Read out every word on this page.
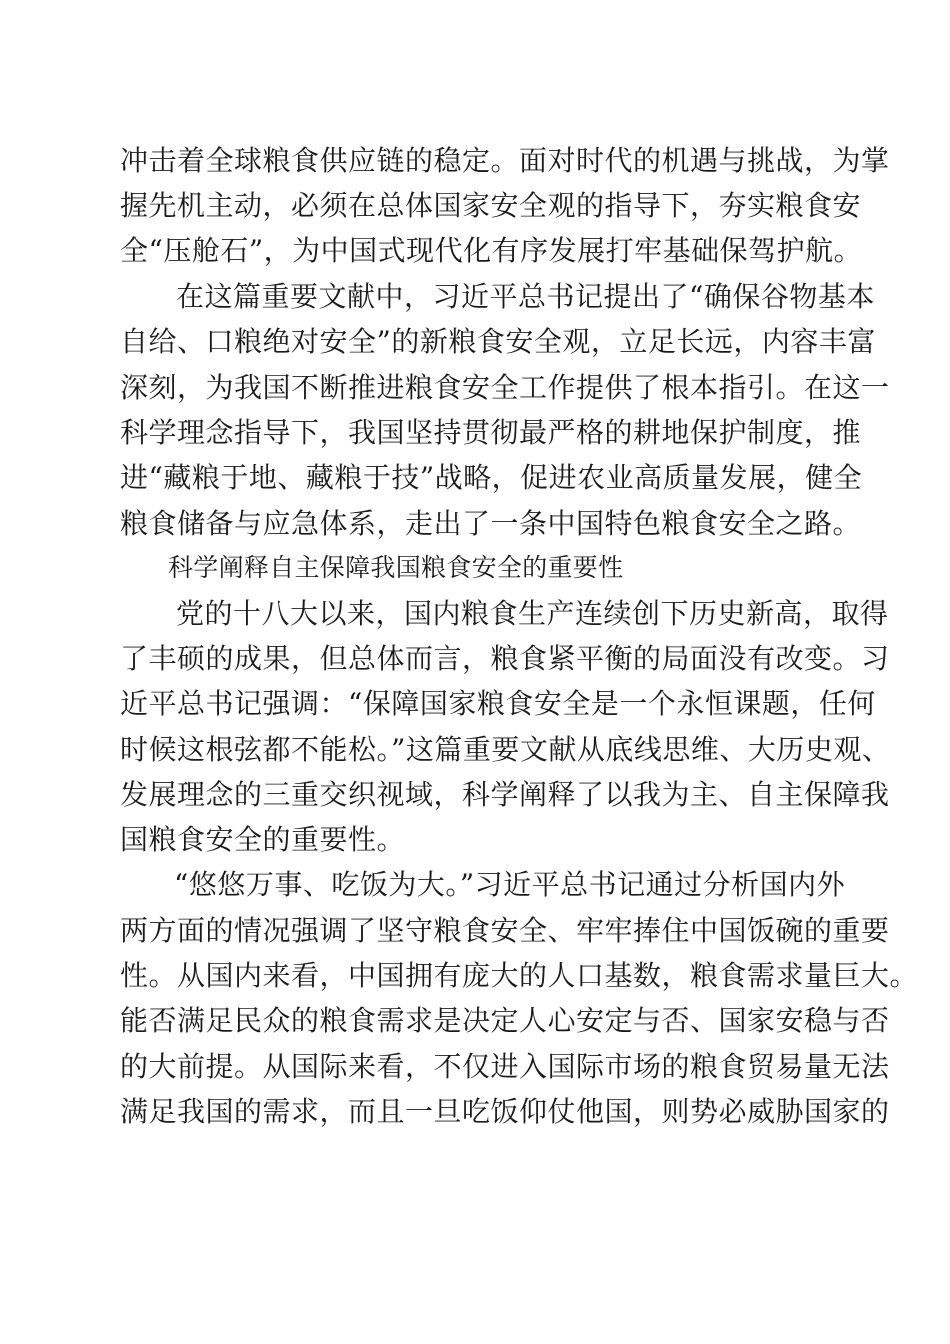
冲击着全球粮食供应链的稳定。面对时代的机遇与挑战，为掌
握先机主动，必须在总体国家安全观的指导下，夯实粮食安
全“压舱石”，为中国式现代化有序发展打牢基础保驾护航。
在这篇重要文献中，习近平总书记提出了“确保谷物基本
自给、口粮绝对安全”的新粮食安全观，立足长远，内容丰富
深刻，为我国不断推进粮食安全工作提供了根本指引。在这一
科学理念指导下，我国坚持贯彻最严格的耕地保护制度，推
进“藏粮于地、藏粮于技”战略，促进农业高质量发展，健全
粮食储备与应急体系，走出了一条中国特色粮食安全之路。
科学阐释自主保障我国粮食安全的重要性
党的十八大以来，国内粮食生产连续创下历史新高，取得
了丰硕的成果，但总体而言，粮食紧平衡的局面没有改变。习
近平总书记强调：“保障国家粮食安全是一个永恒课题，任何
时候这根弦都不能松。”这篇重要文献从底线思维、大历史观、
发展理念的三重交织视域，科学阐释了以我为主、自主保障我
国粮食安全的重要性。
“悠悠万事、吃饭为大。”习近平总书记通过分析国内外
两方面的情况强调了坚守粮食安全、牢牢捧住中国饭碗的重要
性。从国内来看，中国拥有庞大的人口基数，粮食需求量巨大。
能否满足民众的粮食需求是决定人心安定与否、国家安稳与否
的大前提。从国际来看，不仅进入国际市场的粮食贸易量无法
满足我国的需求，而且一旦吃饭仰仗他国，则势必威胁国家的
